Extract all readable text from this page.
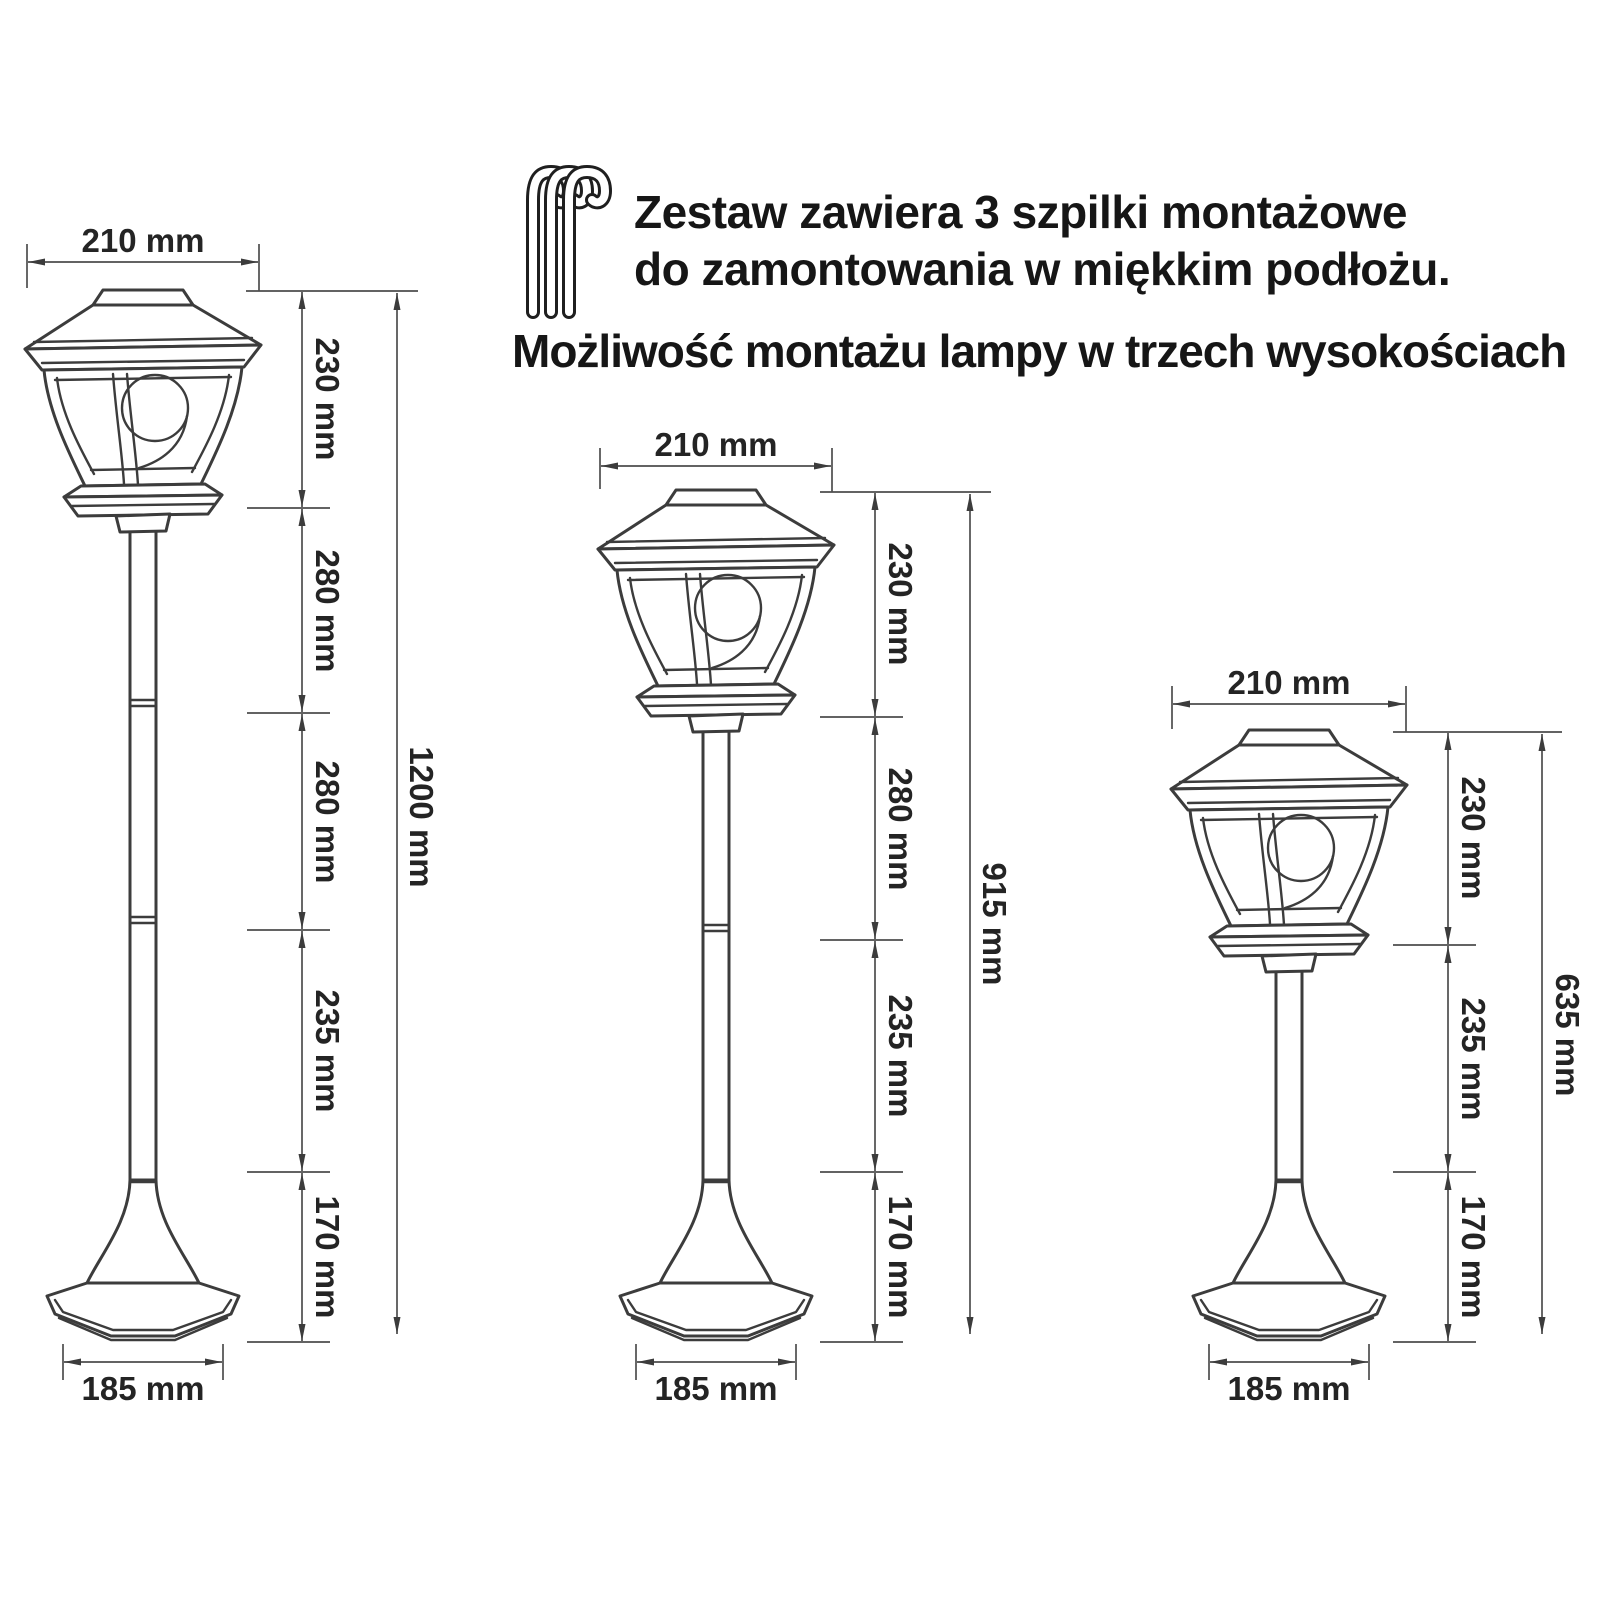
Zestaw zawiera 3 szpilki montażowe
do zamontowania w miękkim podłożu.
Możliwość montażu lampy w trzech wysokościach
210 mm
230 mm
280 mm
280 mm
235 mm
170 mm
1200 mm
185 mm
210 mm
230 mm
280 mm
235 mm
170 mm
915 mm
185 mm
210 mm
230 mm
235 mm
170 mm
635 mm
185 mm
